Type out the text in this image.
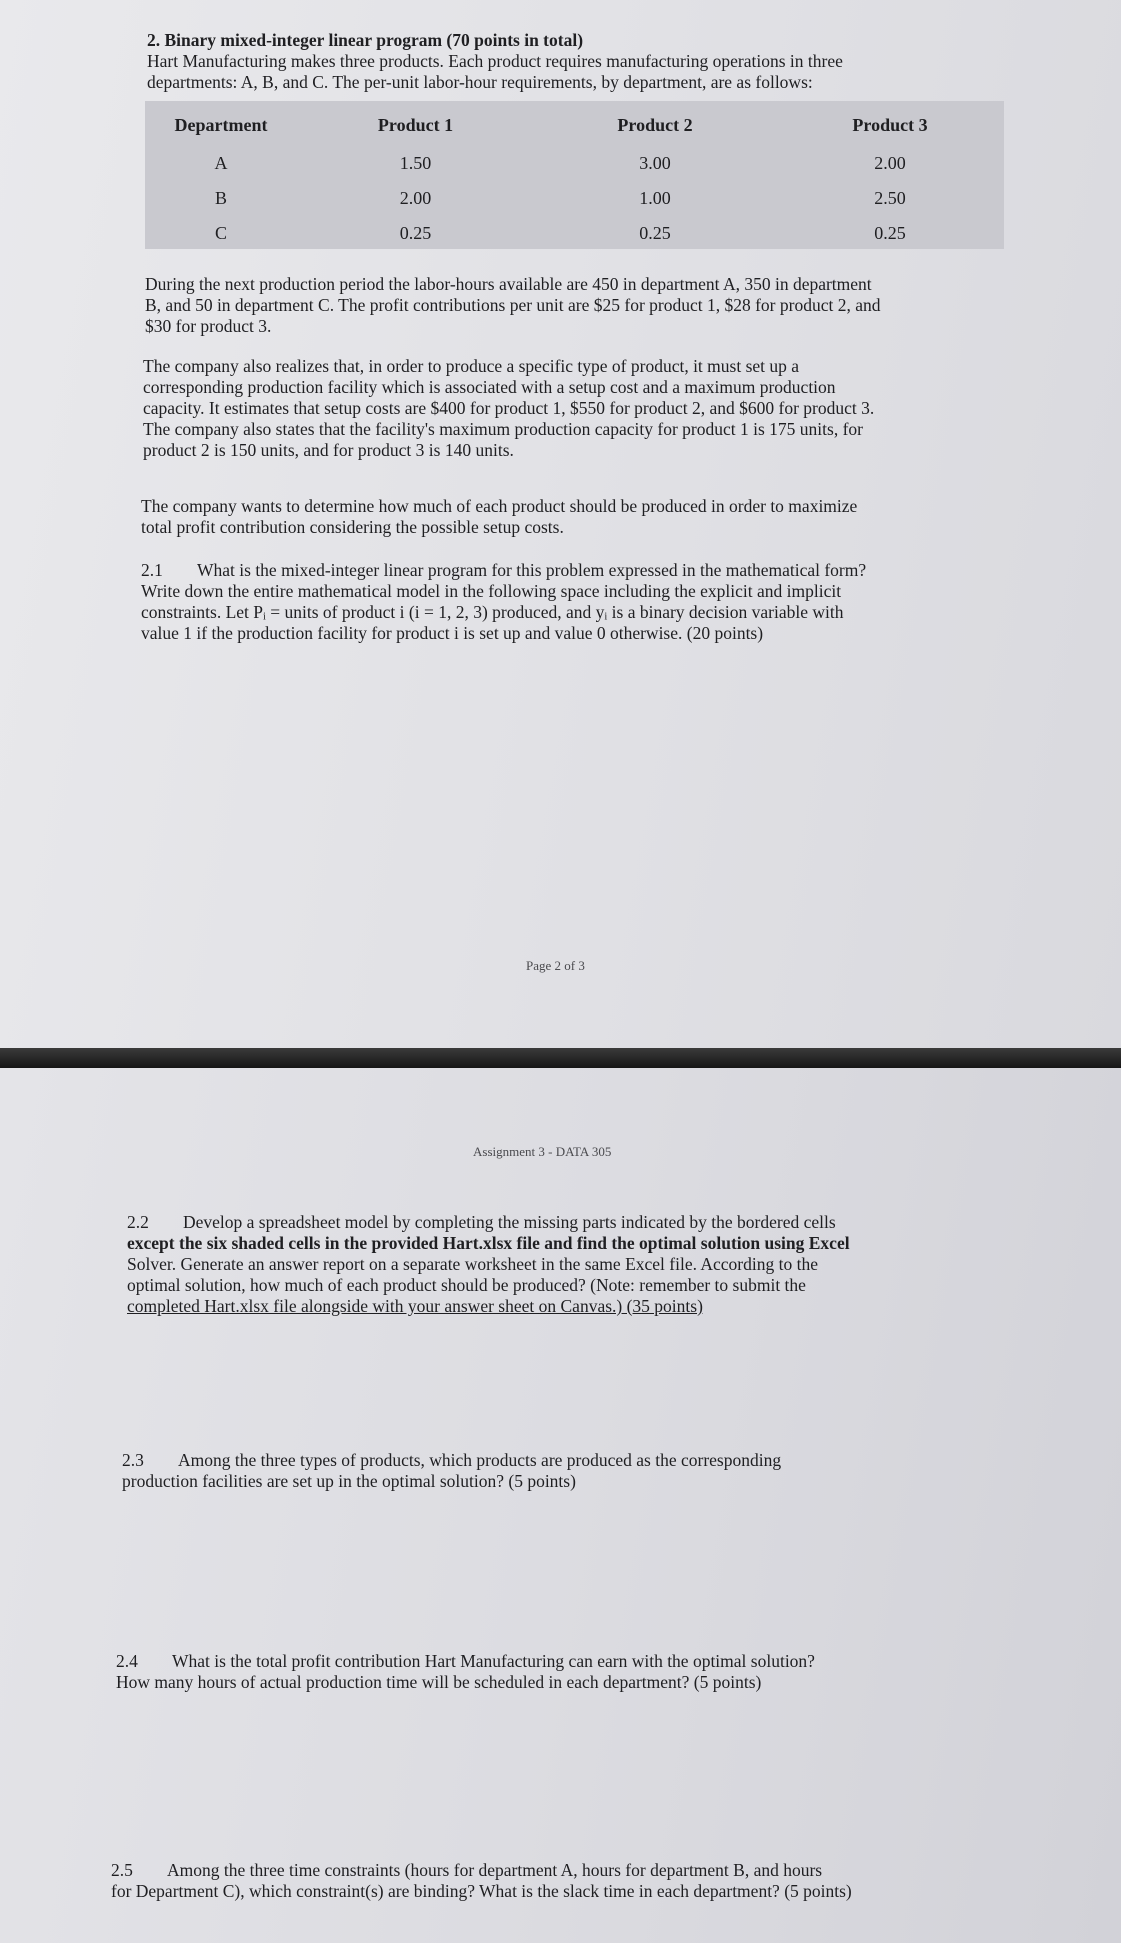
2. Binary mixed-integer linear program (70 points in total)

Hart Manufacturing makes three products. Each product requires manufacturing operations in three

departments: A, B, and C. The per-unit labor-hour requirements, by department, are as follows:

Department	Product 1	Product 2	Product 3
A	1.50	3.00	2.00
B	2.00	1.00	2.50
C	0.25	0.25	0.25

During the next production period the labor-hours available are 450 in department A, 350 in department

B, and 50 in department C. The profit contributions per unit are $25 for product 1, $28 for product 2, and

$30 for product 3.

The company also realizes that, in order to produce a specific type of product, it must set up a

corresponding production facility which is associated with a setup cost and a maximum production

capacity. It estimates that setup costs are $400 for product 1, $550 for product 2, and $600 for product 3.

The company also states that the facility's maximum production capacity for product 1 is 175 units, for

product 2 is 150 units, and for product 3 is 140 units.

The company wants to determine how much of each product should be produced in order to maximize

total profit contribution considering the possible setup costs.

2.1 What is the mixed-integer linear program for this problem expressed in the mathematical form?

Write down the entire mathematical model in the following space including the explicit and implicit

constraints. Let Pᵢ = units of product i (i = 1, 2, 3) produced, and yᵢ is a binary decision variable with

value 1 if the production facility for product i is set up and value 0 otherwise. (20 points)

Page 2 of 3
Assignment 3 - DATA 305

2.2 Develop a spreadsheet model by completing the missing parts indicated by the bordered cells

except the six shaded cells in the provided Hart.xlsx file and find the optimal solution using Excel

Solver. Generate an answer report on a separate worksheet in the same Excel file. According to the

optimal solution, how much of each product should be produced? (Note: remember to submit the

completed Hart.xlsx file alongside with your answer sheet on Canvas.) (35 points)

2.3 Among the three types of products, which products are produced as the corresponding

production facilities are set up in the optimal solution? (5 points)

2.4 What is the total profit contribution Hart Manufacturing can earn with the optimal solution?

How many hours of actual production time will be scheduled in each department? (5 points)

2.5 Among the three time constraints (hours for department A, hours for department B, and hours

for Department C), which constraint(s) are binding? What is the slack time in each department? (5 points)
